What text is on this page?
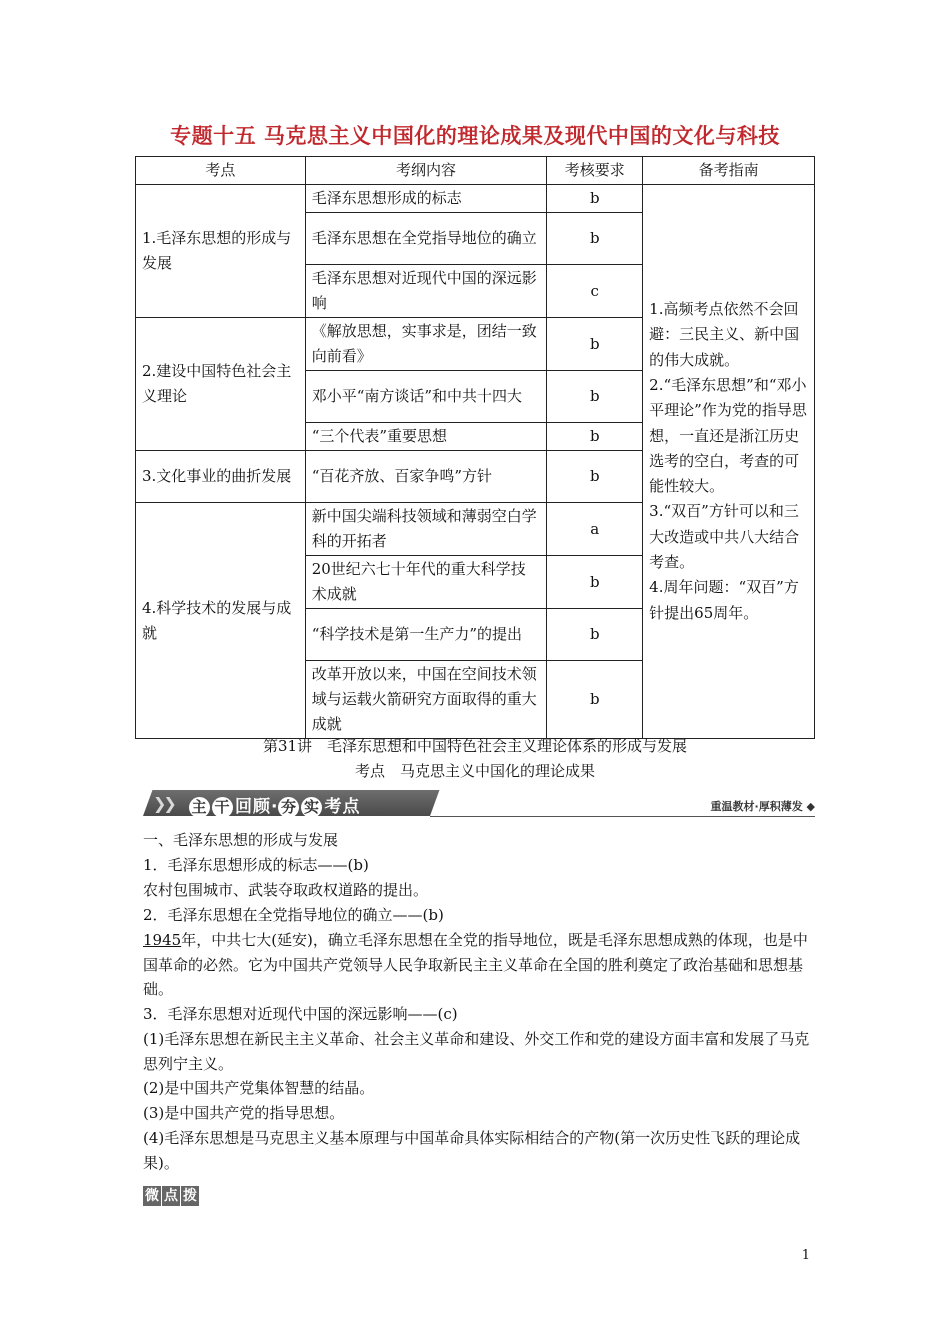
专题十五 马克思主义中国化的理论成果及现代中国的文化与科技
考点	考纲内容	考核要求	备考指南
1.毛泽东思想的形成与发展	毛泽东思想形成的标志	b	1.高频考点依然不会回避：三民主义、新中国的伟大成就。
2.“毛泽东思想”和“邓小平理论”作为党的指导思想，一直还是浙江历史选考的空白，考查的可能性较大。
3.“双百”方针可以和三大改造或中共八大结合考查。
4.周年问题：“双百”方针提出65周年。

	毛泽东思想在全党指导地位的确立	b	
	毛泽东思想对近现代中国的深远影响	c	
2.建设中国特色社会主义理论	《解放思想，实事求是，团结一致向前看》	b	
	邓小平“南方谈话”和中共十四大	b	
	“三个代表”重要思想	b	
3.文化事业的曲折发展	“百花齐放、百家争鸣”方针	b	
4.科学技术的发展与成就	新中国尖端科技领域和薄弱空白学科的开拓者	a	
	20世纪六七十年代的重大科学技术成就	b	
	“科学技术是第一生产力”的提出	b	
	改革开放以来，中国在空间技术领域与运载火箭研究方面取得的重大成就	b	
第31讲　毛泽东思想和中国特色社会主义理论体系的形成与发展
考点　马克思主义中国化的理论成果
❯❯ 主 干 回顾· 夯 实 考点	重温教材·厚积薄发 ◆
一、毛泽东思想的形成与发展
1．毛泽东思想形成的标志——(b)
农村包围城市、武装夺取政权道路的提出。
2．毛泽东思想在全党指导地位的确立——(b)
1945年，中共七大(延安)，确立毛泽东思想在全党的指导地位，既是毛泽东思想成熟的体现，也是中国革命的必然。它为中国共产党领导人民争取新民主主义革命在全国的胜利奠定了政治基础和思想基础。
3．毛泽东思想对近现代中国的深远影响——(c)
(1)毛泽东思想在新民主主义革命、社会主义革命和建设、外交工作和党的建设方面丰富和发展了马克思列宁主义。
(2)是中国共产党集体智慧的结晶。
(3)是中国共产党的指导思想。
(4)毛泽东思想是马克思主义基本原理与中国革命具体实际相结合的产物(第一次历史性飞跃的理论成果)。
微 点 拨
1
